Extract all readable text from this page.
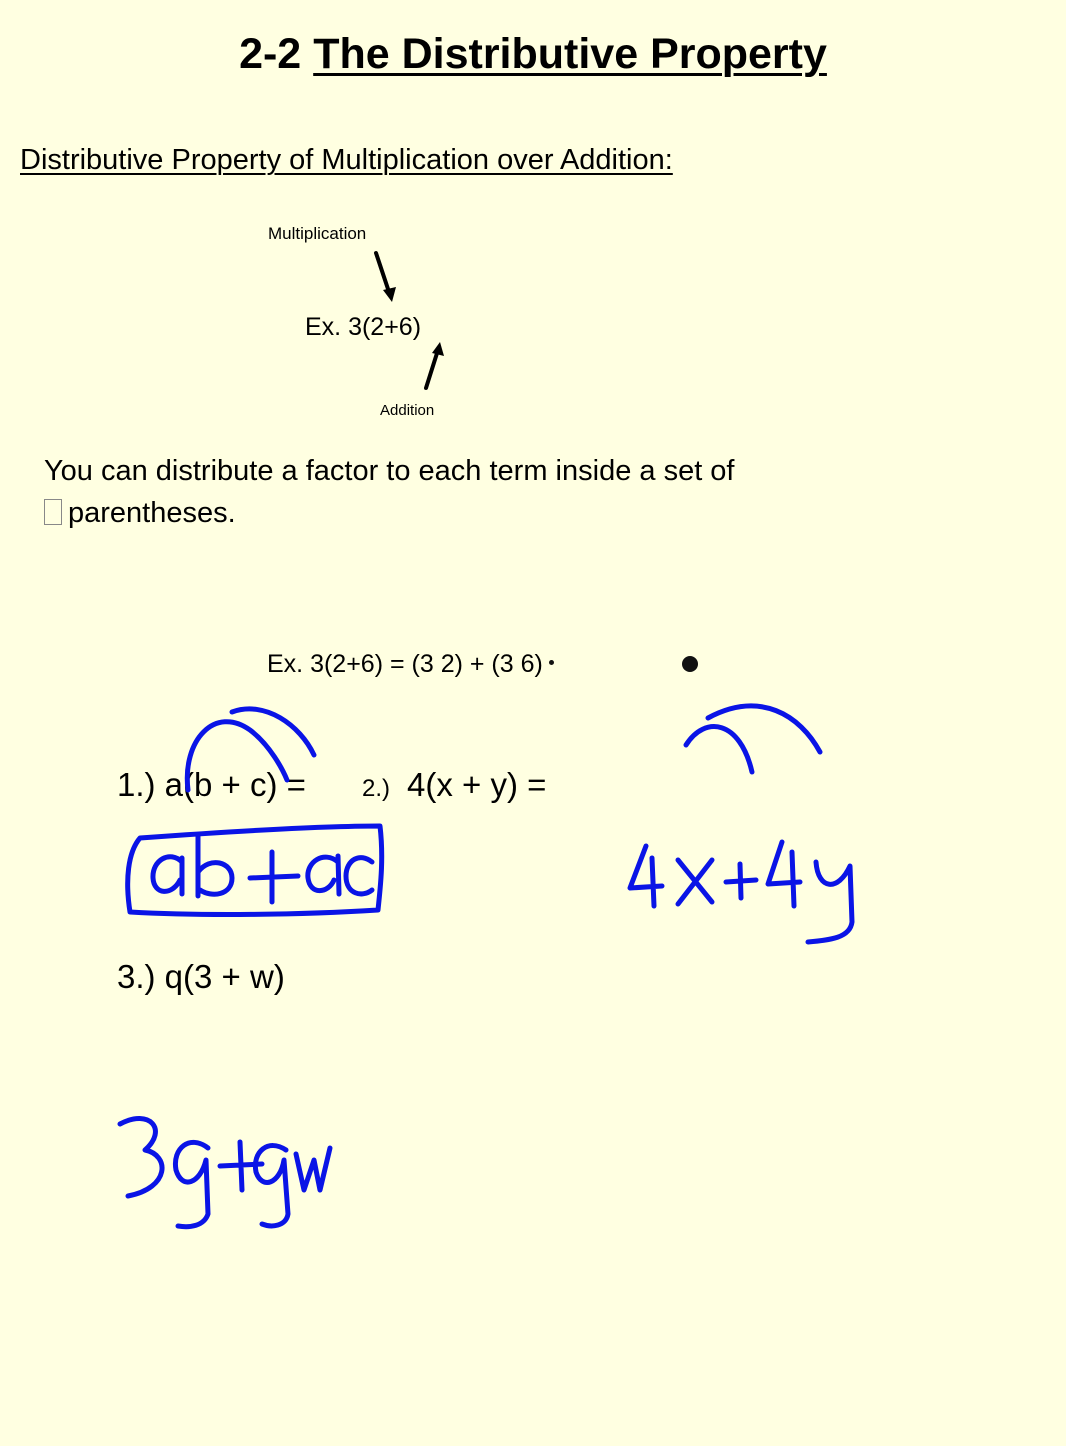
2-2 The Distributive Property
Distributive Property of Multiplication over Addition:
Multiplication
Ex. 3(2+6)
Addition
You can distribute a factor to each term inside a set of
parentheses.
Ex. 3(2+6) = (3 2) + (3 6)
1.) a(b + c) = 2.) 4(x + y) =
3.) q(3 + w)
